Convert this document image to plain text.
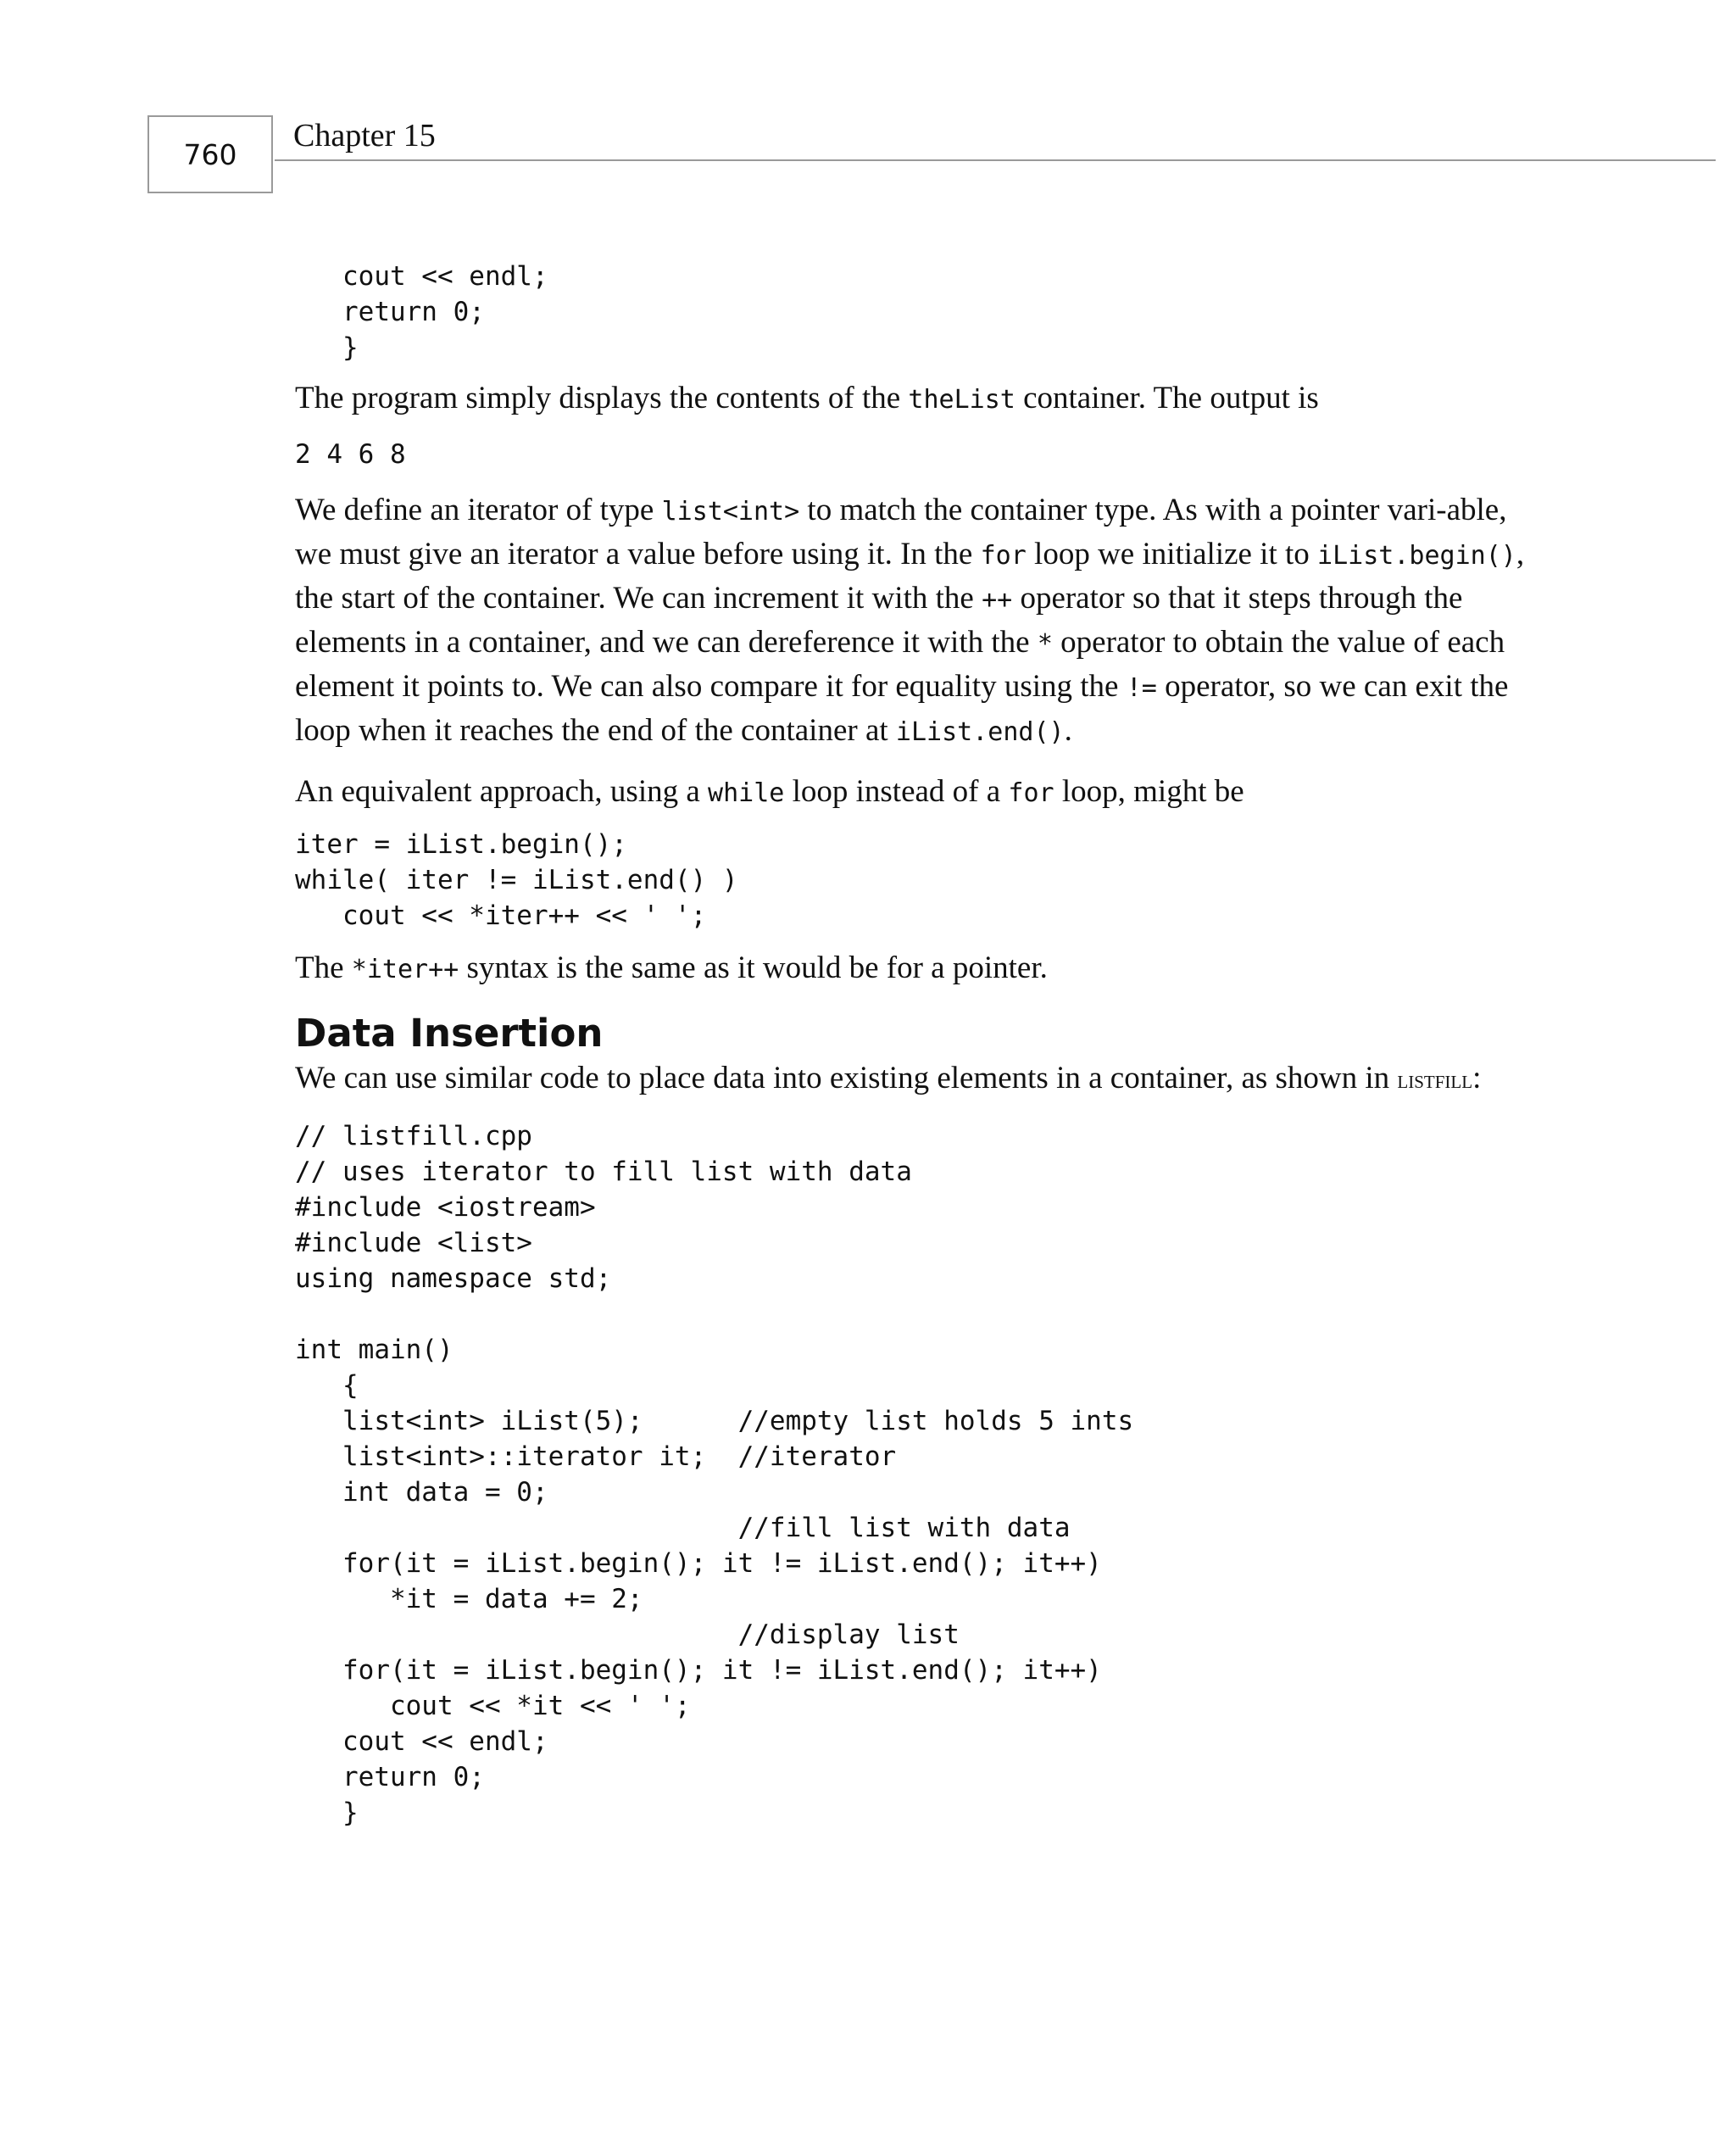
760
Chapter 15
cout << endl;
return 0;
}

The program simply displays the contents of the theList container. The output is

2 4 6 8

We define an iterator of type list<int> to match the container type. As with a pointer vari-able, we must give an iterator a value before using it. In the for loop we initialize it to iList.begin(), the start of the container. We can increment it with the ++ operator so that it steps through the elements in a container, and we can dereference it with the * operator to obtain the value of each element it points to. We can also compare it for equality using the != operator, so we can exit the loop when it reaches the end of the container at iList.end().

An equivalent approach, using a while loop instead of a for loop, might be

iter = iList.begin();
while( iter != iList.end() )
cout << *iter++ << ' ';

The *iter++ syntax is the same as it would be for a pointer.

Data Insertion

We can use similar code to place data into existing elements in a container, as shown in listfill:

// listfill.cpp
// uses iterator to fill list with data
#include <iostream>
#include <list>
using namespace std;

int main()
{
list<int> iList(5);      //empty list holds 5 ints
list<int>::iterator it;  //iterator
int data = 0;
//fill list with data
for(it = iList.begin(); it != iList.end(); it++)
*it = data += 2;
//display list
for(it = iList.begin(); it != iList.end(); it++)
cout << *it << ' ';
cout << endl;
return 0;
}
